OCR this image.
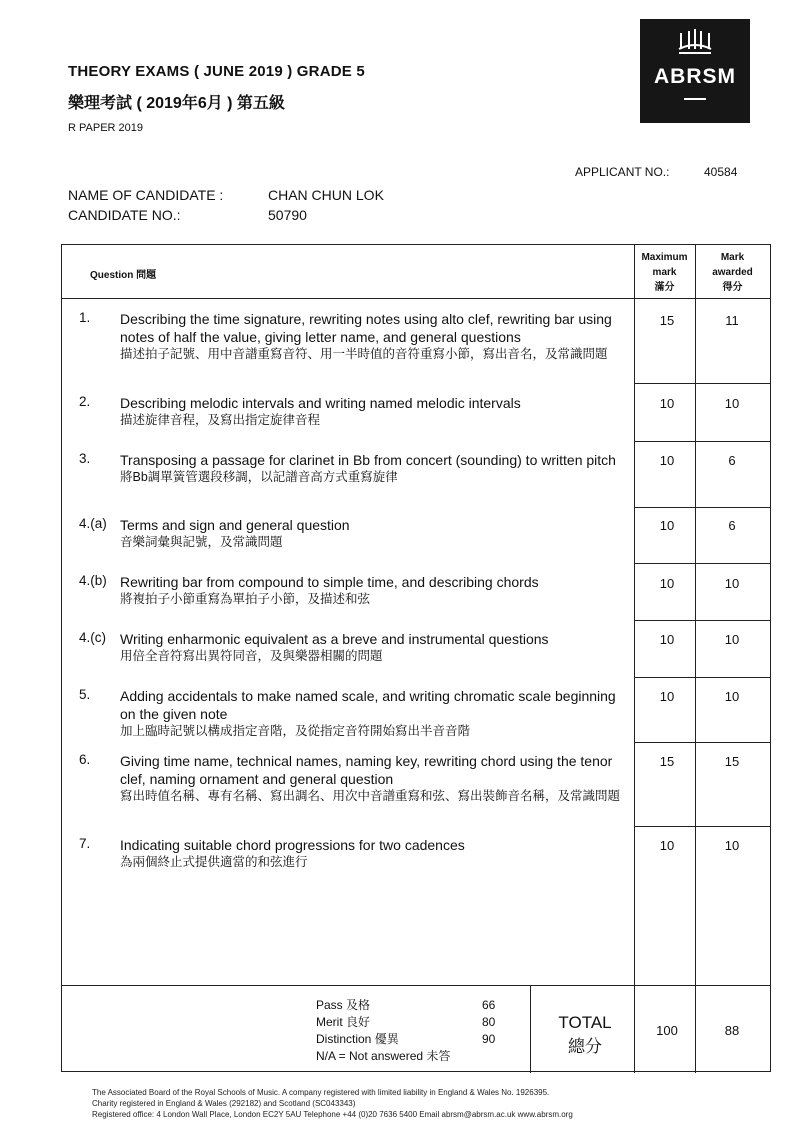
THEORY EXAMS ( JUNE 2019 ) GRADE 5
樂理考試 ( 2019年6月 ) 第五級
R PAPER 2019
ABRSM
APPLICANT NO.:	40584
NAME OF CANDIDATE :	CHAN CHUN LOK
CANDIDATE NO.:	50790
Question 問題
Maximum
mark
滿分
Mark
awarded
得分
1. Describing the time signature, rewriting notes using alto clef, rewriting bar using notes of half the value, giving letter name, and general questions
描述拍子記號、用中音譜重寫音符、用一半時值的音符重寫小節，寫出音名，及常識問題
15	11
2. Describing melodic intervals and writing named melodic intervals
描述旋律音程，及寫出指定旋律音程
10	10
3. Transposing a passage for clarinet in Bb from concert (sounding) to written pitch
將Bb調單簧管選段移調，以記譜音高方式重寫旋律
10	6
4.(a) Terms and sign and general question
音樂詞彙與記號，及常識問題
10	6
4.(b) Rewriting bar from compound to simple time, and describing chords
將複拍子小節重寫為單拍子小節，及描述和弦
10	10
4.(c) Writing enharmonic equivalent as a breve and instrumental questions
用倍全音符寫出異符同音，及與樂器相關的問題
10	10
5. Adding accidentals to make named scale, and writing chromatic scale beginning on the given note
加上臨時記號以構成指定音階，及從指定音符開始寫出半音音階
10	10
6. Giving time name, technical names, naming key, rewriting chord using the tenor clef, naming ornament and general question
寫出時值名稱、專有名稱、寫出調名、用次中音譜重寫和弦、寫出裝飾音名稱，及常識問題
15	15
7. Indicating suitable chord progressions for two cadences
為兩個終止式提供適當的和弦進行
10	10
Pass 及格	66
Merit 良好	80
Distinction 優異	90
N/A = Not answered 未答
TOTAL
總分
100	88
The Associated Board of the Royal Schools of Music. A company registered with limited liability in England & Wales No. 1926395.
Charity registered in England & Wales (292182) and Scotland (SC043343)
Registered office: 4 London Wall Place, London EC2Y 5AU Telephone +44 (0)20 7636 5400 Email abrsm@abrsm.ac.uk www.abrsm.org
